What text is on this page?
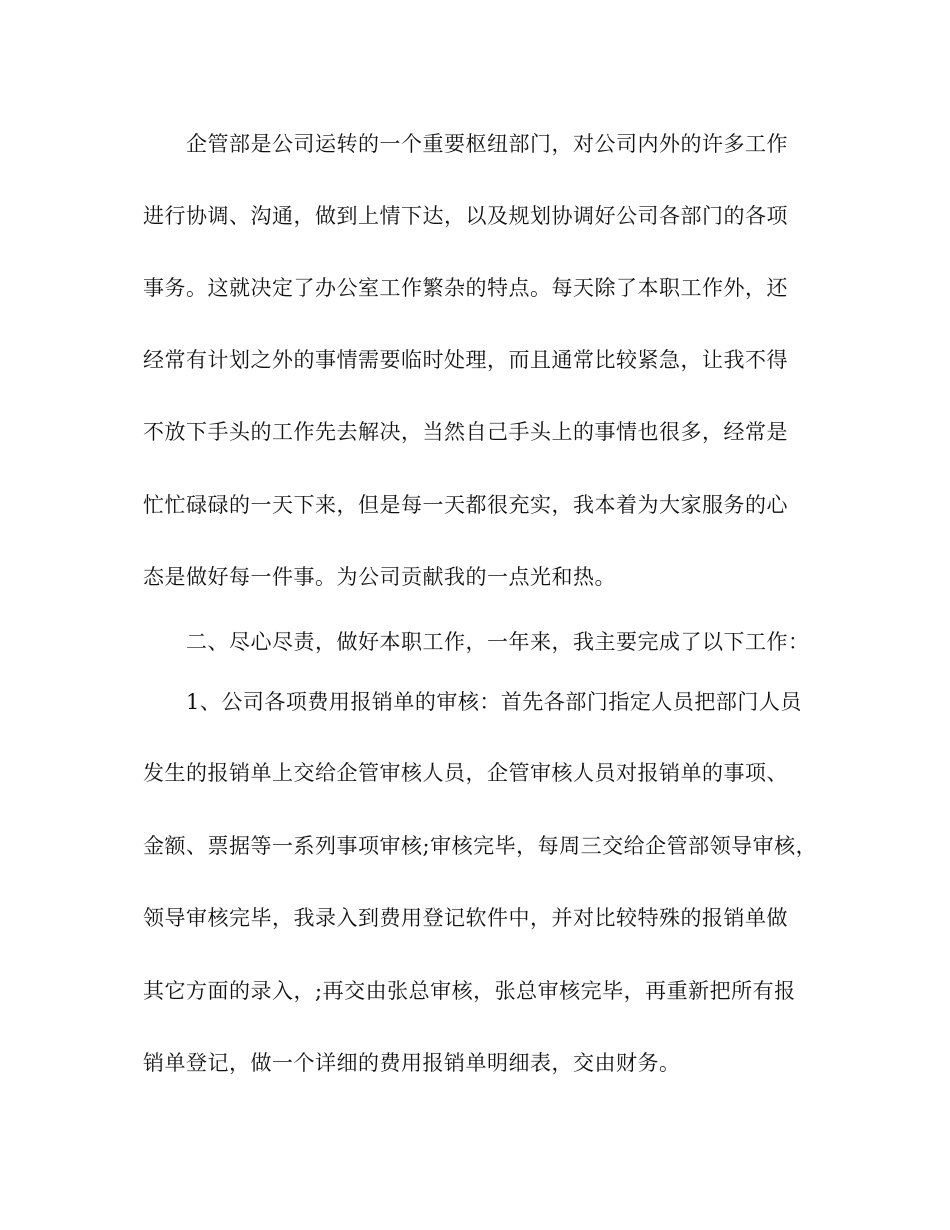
企管部是公司运转的一个重要枢纽部门，对公司内外的许多工作
进行协调、沟通，做到上情下达，以及规划协调好公司各部门的各项
事务。这就决定了办公室工作繁杂的特点。每天除了本职工作外，还
经常有计划之外的事情需要临时处理，而且通常比较紧急，让我不得
不放下手头的工作先去解决，当然自己手头上的事情也很多，经常是
忙忙碌碌的一天下来，但是每一天都很充实，我本着为大家服务的心
态是做好每一件事。为公司贡献我的一点光和热。
二、尽心尽责，做好本职工作，一年来，我主要完成了以下工作：
1、公司各项费用报销单的审核：首先各部门指定人员把部门人员
发生的报销单上交给企管审核人员，企管审核人员对报销单的事项、
金额、票据等一系列事项审核;审核完毕，每周三交给企管部领导审核，
领导审核完毕，我录入到费用登记软件中，并对比较特殊的报销单做
其它方面的录入，;再交由张总审核，张总审核完毕，再重新把所有报
销单登记，做一个详细的费用报销单明细表，交由财务。
